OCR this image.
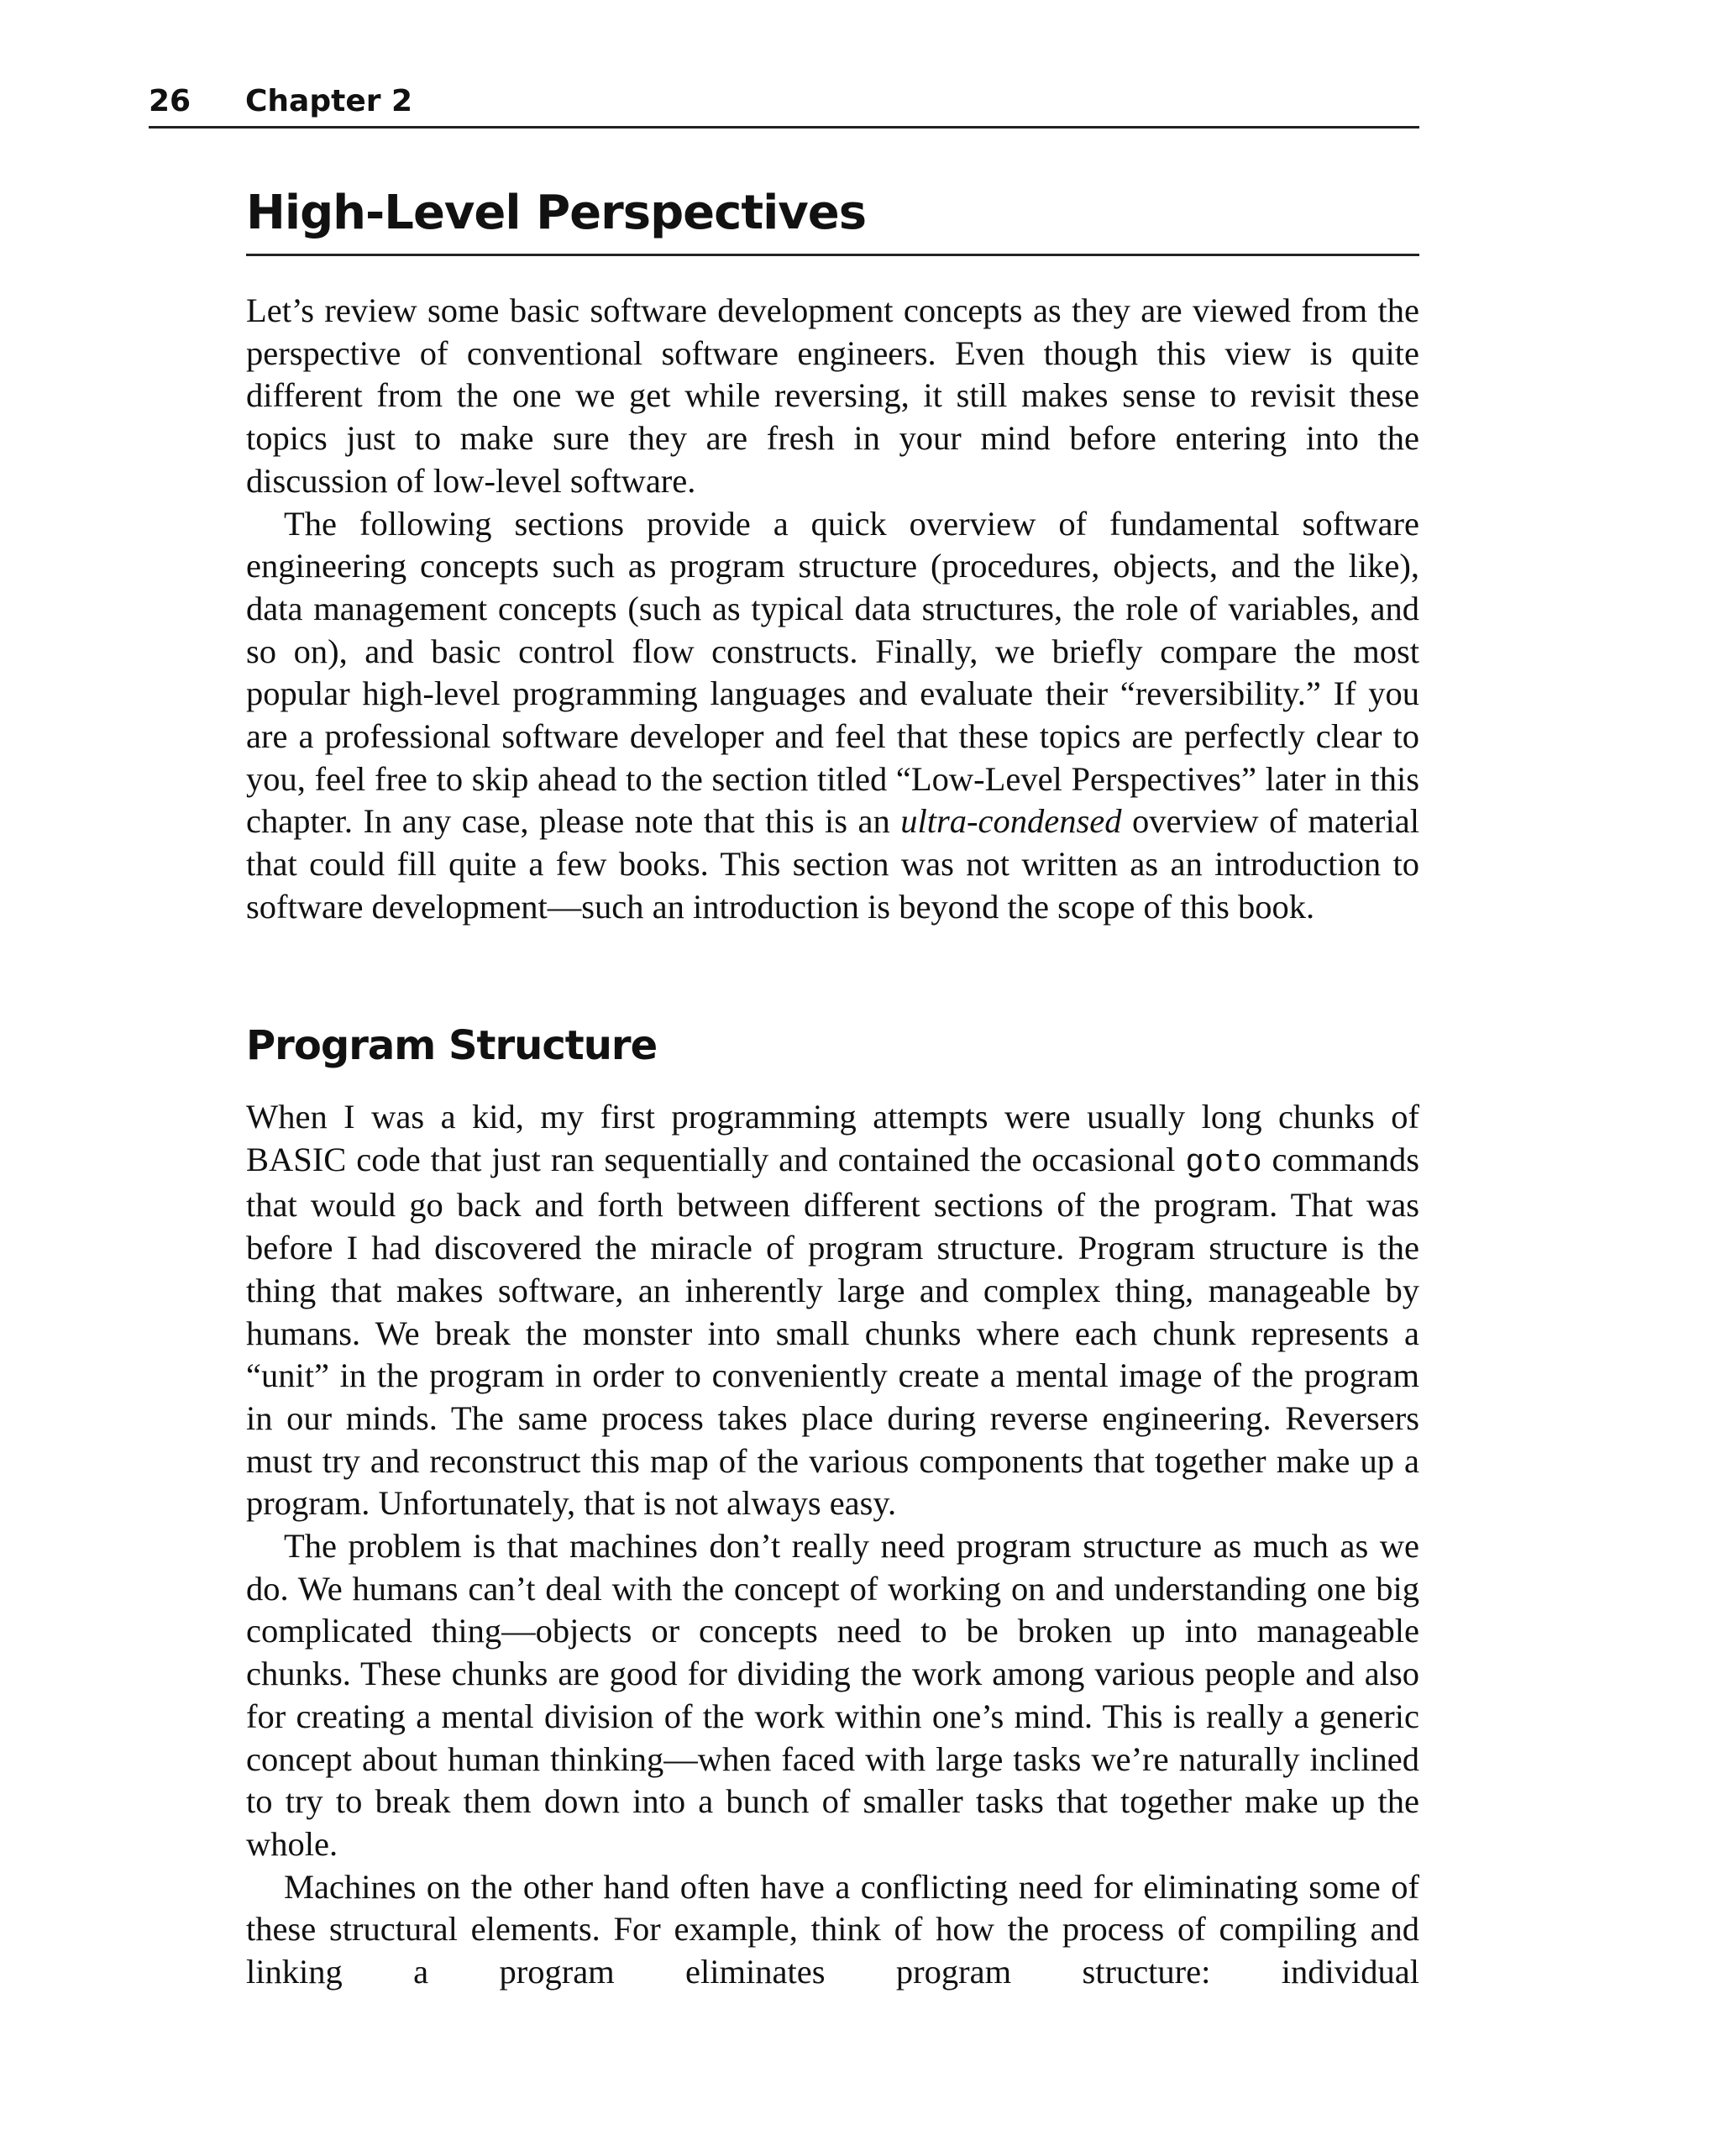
26 Chapter 2
High-Level Perspectives

Let’s review some basic software development concepts as they are viewed from the perspective of conventional software engineers. Even though this view is quite different from the one we get while reversing, it still makes sense to revisit these topics just to make sure they are fresh in your mind before entering into the discussion of low-level software.

The following sections provide a quick overview of fundamental software engineering concepts such as program structure (procedures, objects, and the like), data management concepts (such as typical data structures, the role of variables, and so on), and basic control flow constructs. Finally, we briefly compare the most popular high-level programming languages and evaluate their “reversibility.” If you are a professional software developer and feel that these topics are perfectly clear to you, feel free to skip ahead to the section titled “Low-Level Perspectives” later in this chapter. In any case, please note that this is an ultra-condensed overview of material that could fill quite a few books. This section was not written as an introduction to software development—such an introduction is beyond the scope of this book.

Program Structure

When I was a kid, my first programming attempts were usually long chunks of BASIC code that just ran sequentially and contained the occasional goto commands that would go back and forth between different sections of the program. That was before I had discovered the miracle of program structure. Program structure is the thing that makes software, an inherently large and complex thing, manageable by humans. We break the monster into small chunks where each chunk represents a “unit” in the program in order to conveniently create a mental image of the program in our minds. The same process takes place during reverse engineering. Reversers must try and reconstruct this map of the various components that together make up a program. Unfortunately, that is not always easy.

The problem is that machines don’t really need program structure as much as we do. We humans can’t deal with the concept of working on and understanding one big complicated thing—objects or concepts need to be broken up into manageable chunks. These chunks are good for dividing the work among various people and also for creating a mental division of the work within one’s mind. This is really a generic concept about human thinking—when faced with large tasks we’re naturally inclined to try to break them down into a bunch of smaller tasks that together make up the whole.

Machines on the other hand often have a conflicting need for eliminating some of these structural elements. For example, think of how the process of compiling and linking a program eliminates program structure: individual
